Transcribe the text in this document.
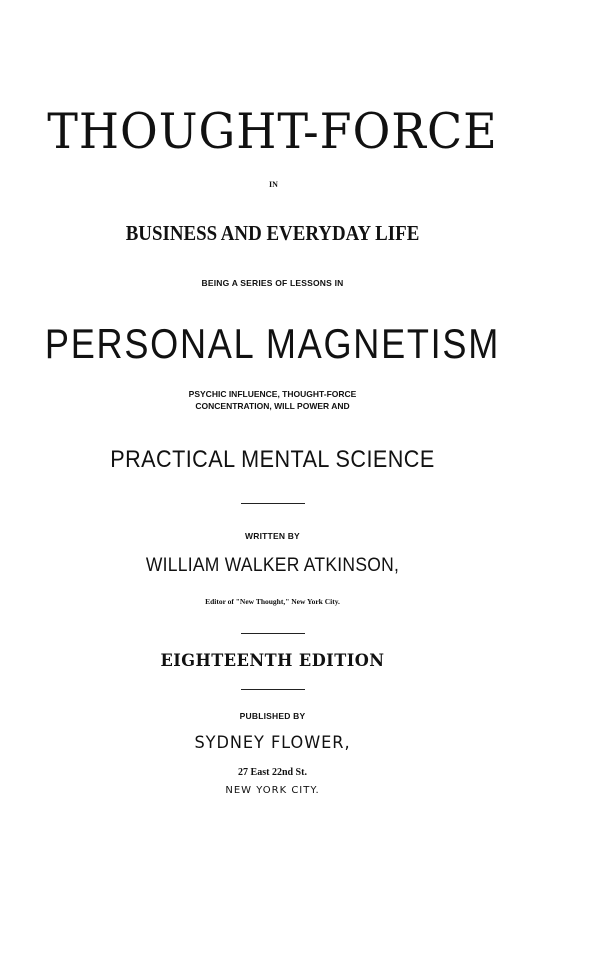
THOUGHT-FORCE
IN
BUSINESS AND EVERYDAY LIFE
BEING A SERIES OF LESSONS IN
PERSONAL MAGNETISM
PSYCHIC INFLUENCE, THOUGHT-FORCE
CONCENTRATION, WILL POWER AND
PRACTICAL MENTAL SCIENCE
WRITTEN BY
WILLIAM WALKER ATKINSON,
Editor of "New Thought," New York City.
EIGHTEENTH EDITION
PUBLISHED BY
SYDNEY FLOWER,
27 East 22nd St.
NEW YORK CITY.
